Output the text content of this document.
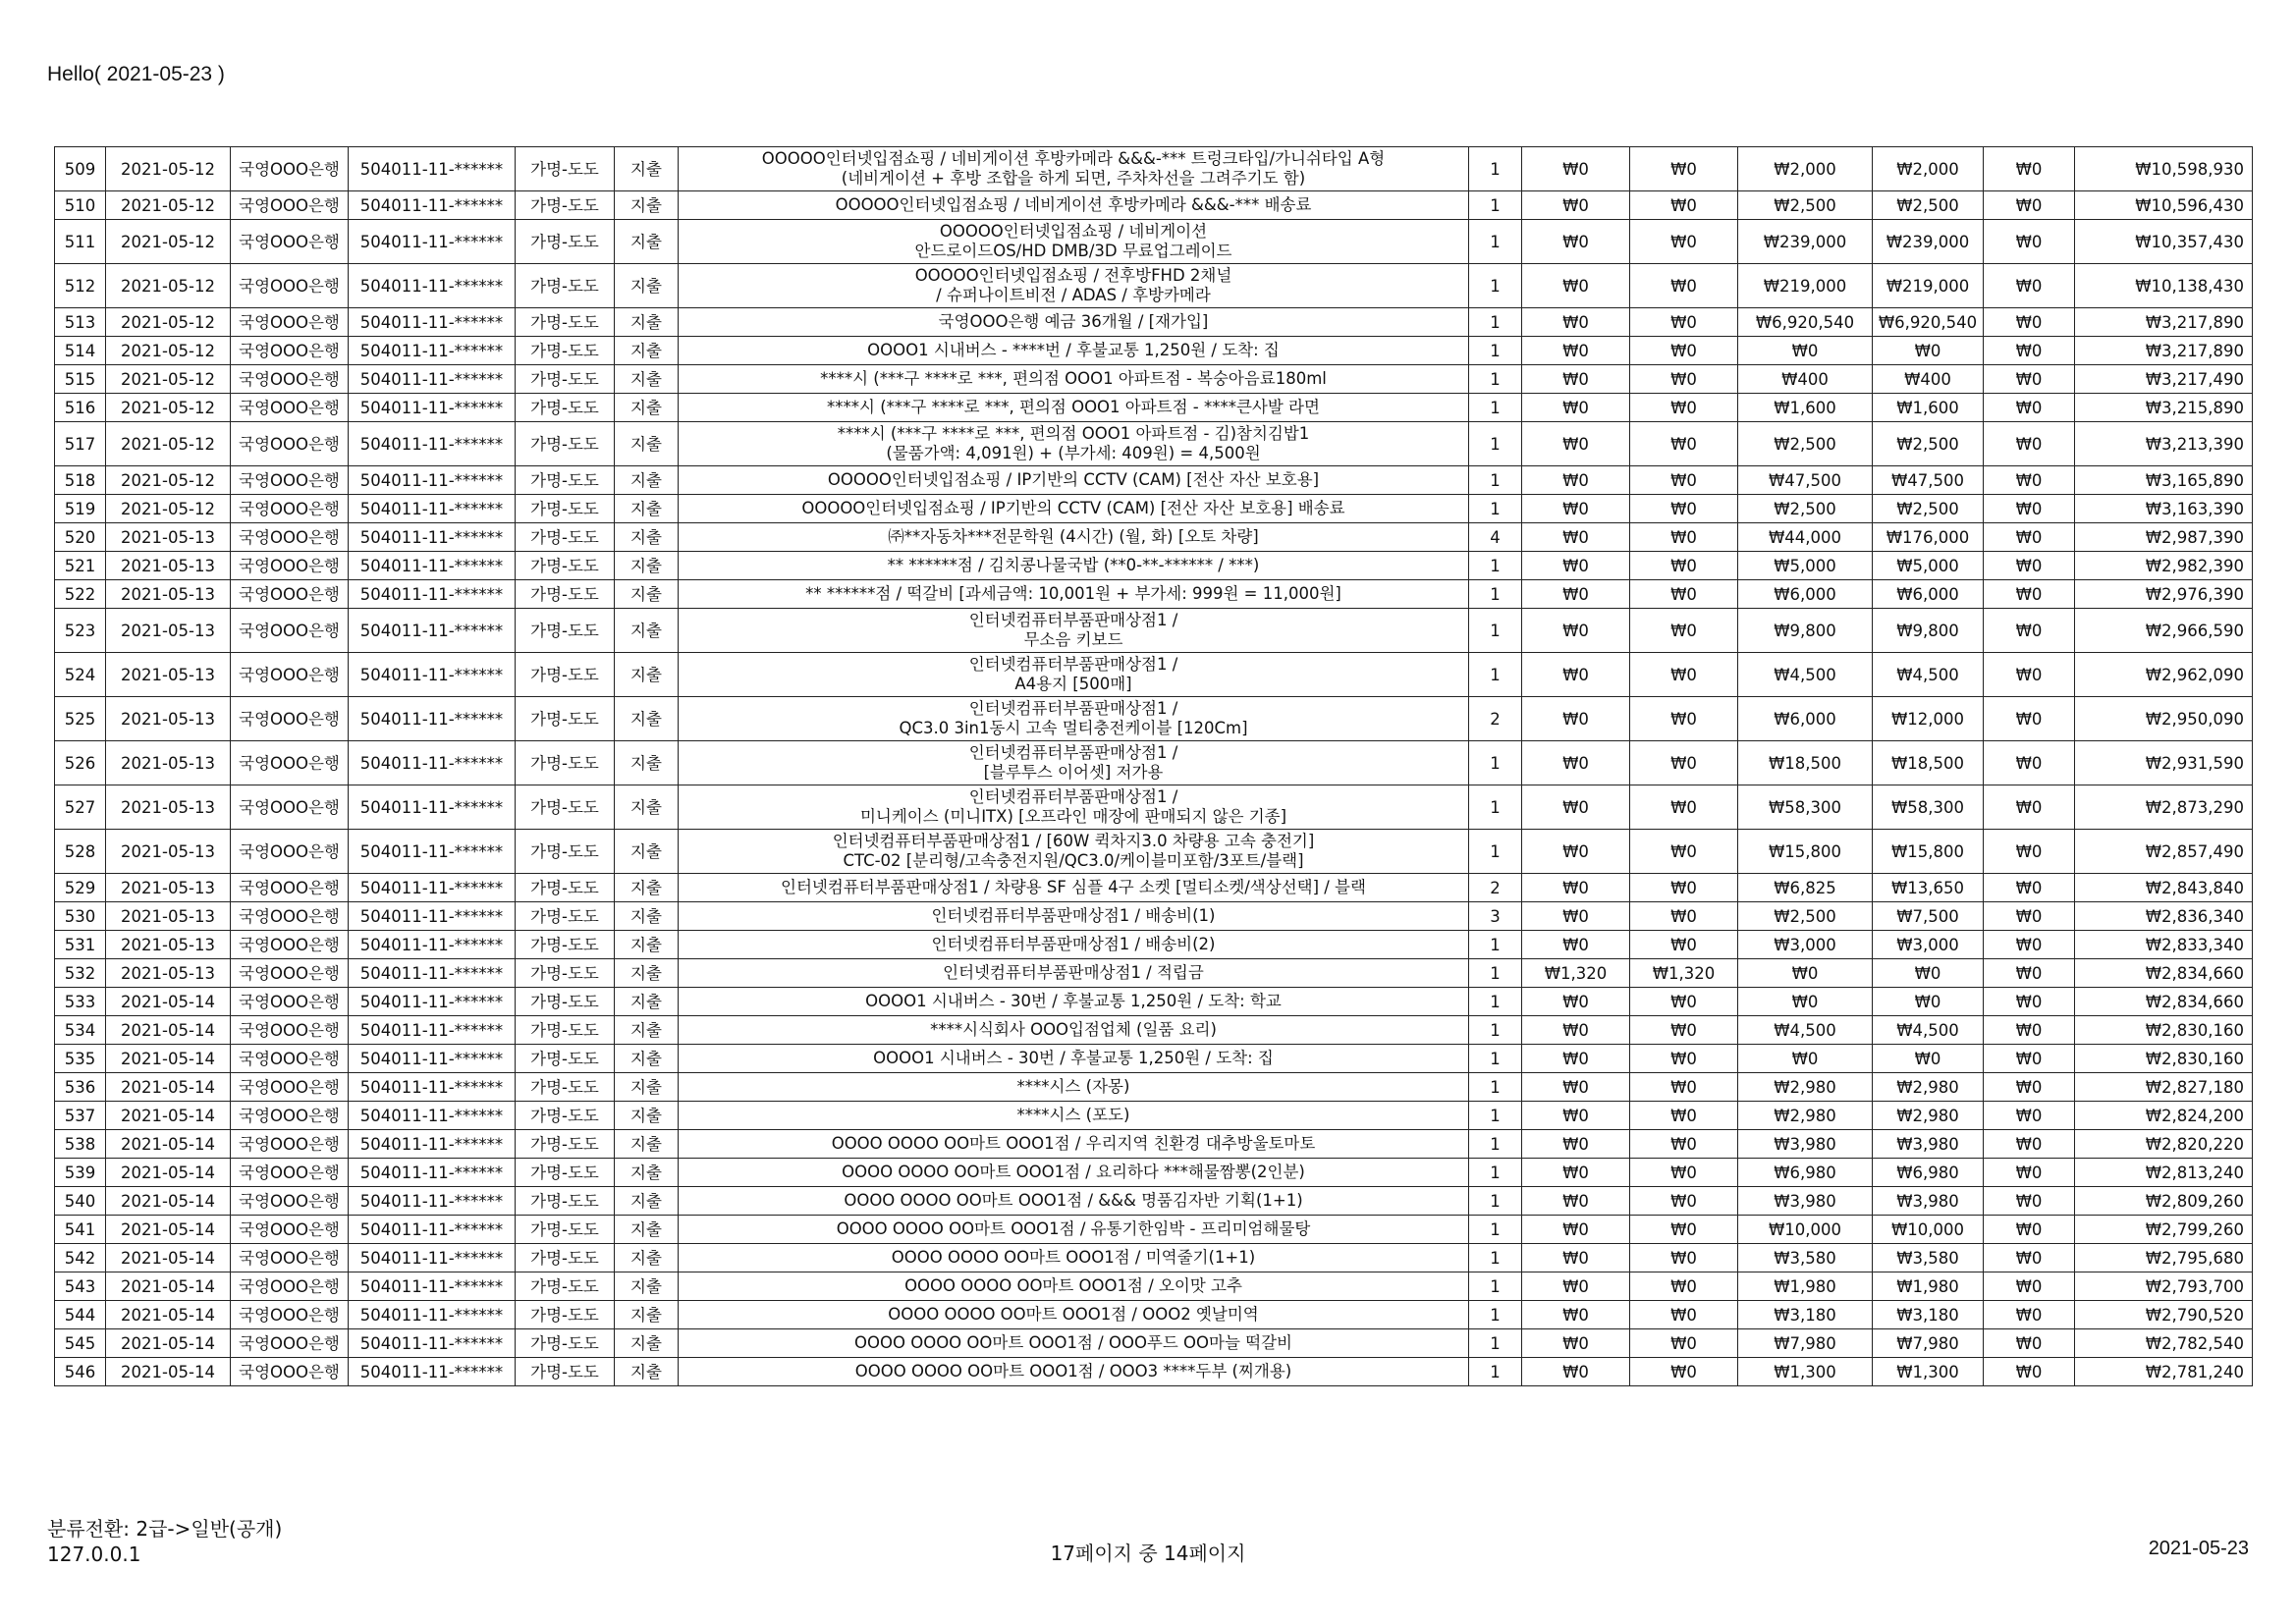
Hello( 2021-05-23 )
509	2021-05-12	국영OOO은행	504011-11-******	가명-도도	지출	OOOOO인터넷입점쇼핑 / 네비게이션 후방카메라 &&&-*** 트렁크타입/가니쉬타입 A형
(네비게이션 + 후방 조합을 하게 되면, 주차차선을 그려주기도 함)	1	₩0	₩0	₩2,000	₩2,000	₩0	₩10,598,930
510	2021-05-12	국영OOO은행	504011-11-******	가명-도도	지출	OOOOO인터넷입점쇼핑 / 네비게이션 후방카메라 &&&-*** 배송료	1	₩0	₩0	₩2,500	₩2,500	₩0	₩10,596,430
511	2021-05-12	국영OOO은행	504011-11-******	가명-도도	지출	OOOOO인터넷입점쇼핑 / 네비게이션
안드로이드OS/HD DMB/3D 무료업그레이드	1	₩0	₩0	₩239,000	₩239,000	₩0	₩10,357,430
512	2021-05-12	국영OOO은행	504011-11-******	가명-도도	지출	OOOOO인터넷입점쇼핑 / 전후방FHD 2채널
/ 슈퍼나이트비전 / ADAS / 후방카메라	1	₩0	₩0	₩219,000	₩219,000	₩0	₩10,138,430
513	2021-05-12	국영OOO은행	504011-11-******	가명-도도	지출	국영OOO은행 예금 36개월 / [재가입]	1	₩0	₩0	₩6,920,540	₩6,920,540	₩0	₩3,217,890
514	2021-05-12	국영OOO은행	504011-11-******	가명-도도	지출	OOOO1 시내버스 - ****번 / 후불교통 1,250원 / 도착: 집	1	₩0	₩0	₩0	₩0	₩0	₩3,217,890
515	2021-05-12	국영OOO은행	504011-11-******	가명-도도	지출	****시 (***구 ****로 ***, 편의점 OOO1 아파트점 - 복숭아음료180ml	1	₩0	₩0	₩400	₩400	₩0	₩3,217,490
516	2021-05-12	국영OOO은행	504011-11-******	가명-도도	지출	****시 (***구 ****로 ***, 편의점 OOO1 아파트점 - ****큰사발 라면	1	₩0	₩0	₩1,600	₩1,600	₩0	₩3,215,890
517	2021-05-12	국영OOO은행	504011-11-******	가명-도도	지출	****시 (***구 ****로 ***, 편의점 OOO1 아파트점 - 김)참치김밥1
(물품가액: 4,091원) + (부가세: 409원) = 4,500원	1	₩0	₩0	₩2,500	₩2,500	₩0	₩3,213,390
518	2021-05-12	국영OOO은행	504011-11-******	가명-도도	지출	OOOOO인터넷입점쇼핑 / IP기반의 CCTV (CAM) [전산 자산 보호용]	1	₩0	₩0	₩47,500	₩47,500	₩0	₩3,165,890
519	2021-05-12	국영OOO은행	504011-11-******	가명-도도	지출	OOOOO인터넷입점쇼핑 / IP기반의 CCTV (CAM) [전산 자산 보호용] 배송료	1	₩0	₩0	₩2,500	₩2,500	₩0	₩3,163,390
520	2021-05-13	국영OOO은행	504011-11-******	가명-도도	지출	㈜**자동차***전문학원 (4시간) (월, 화) [오토 차량]	4	₩0	₩0	₩44,000	₩176,000	₩0	₩2,987,390
521	2021-05-13	국영OOO은행	504011-11-******	가명-도도	지출	** ******점 / 김치콩나물국밥 (**0-**-****** / ***)	1	₩0	₩0	₩5,000	₩5,000	₩0	₩2,982,390
522	2021-05-13	국영OOO은행	504011-11-******	가명-도도	지출	** ******점 / 떡갈비 [과세금액: 10,001원 + 부가세: 999원 = 11,000원]	1	₩0	₩0	₩6,000	₩6,000	₩0	₩2,976,390
523	2021-05-13	국영OOO은행	504011-11-******	가명-도도	지출	인터넷컴퓨터부품판매상점1 /
무소음 키보드	1	₩0	₩0	₩9,800	₩9,800	₩0	₩2,966,590
524	2021-05-13	국영OOO은행	504011-11-******	가명-도도	지출	인터넷컴퓨터부품판매상점1 /
A4용지 [500매]	1	₩0	₩0	₩4,500	₩4,500	₩0	₩2,962,090
525	2021-05-13	국영OOO은행	504011-11-******	가명-도도	지출	인터넷컴퓨터부품판매상점1 /
QC3.0 3in1동시 고속 멀티충전케이블 [120Cm]	2	₩0	₩0	₩6,000	₩12,000	₩0	₩2,950,090
526	2021-05-13	국영OOO은행	504011-11-******	가명-도도	지출	인터넷컴퓨터부품판매상점1 /
[블루투스 이어셋] 저가용	1	₩0	₩0	₩18,500	₩18,500	₩0	₩2,931,590
527	2021-05-13	국영OOO은행	504011-11-******	가명-도도	지출	인터넷컴퓨터부품판매상점1 /
미니케이스 (미니ITX) [오프라인 매장에 판매되지 않은 기종]	1	₩0	₩0	₩58,300	₩58,300	₩0	₩2,873,290
528	2021-05-13	국영OOO은행	504011-11-******	가명-도도	지출	인터넷컴퓨터부품판매상점1 / [60W 퀵차지3.0 차량용 고속 충전기]
CTC-02 [분리형/고속충전지원/QC3.0/케이블미포함/3포트/블랙]	1	₩0	₩0	₩15,800	₩15,800	₩0	₩2,857,490
529	2021-05-13	국영OOO은행	504011-11-******	가명-도도	지출	인터넷컴퓨터부품판매상점1 / 차량용 SF 심플 4구 소켓 [멀티소켓/색상선택] / 블랙	2	₩0	₩0	₩6,825	₩13,650	₩0	₩2,843,840
530	2021-05-13	국영OOO은행	504011-11-******	가명-도도	지출	인터넷컴퓨터부품판매상점1 / 배송비(1)	3	₩0	₩0	₩2,500	₩7,500	₩0	₩2,836,340
531	2021-05-13	국영OOO은행	504011-11-******	가명-도도	지출	인터넷컴퓨터부품판매상점1 / 배송비(2)	1	₩0	₩0	₩3,000	₩3,000	₩0	₩2,833,340
532	2021-05-13	국영OOO은행	504011-11-******	가명-도도	지출	인터넷컴퓨터부품판매상점1 / 적립금	1	₩1,320	₩1,320	₩0	₩0	₩0	₩2,834,660
533	2021-05-14	국영OOO은행	504011-11-******	가명-도도	지출	OOOO1 시내버스 - 30번 / 후불교통 1,250원 / 도착: 학교	1	₩0	₩0	₩0	₩0	₩0	₩2,834,660
534	2021-05-14	국영OOO은행	504011-11-******	가명-도도	지출	****시식회사 OOO입점업체 (일품 요리)	1	₩0	₩0	₩4,500	₩4,500	₩0	₩2,830,160
535	2021-05-14	국영OOO은행	504011-11-******	가명-도도	지출	OOOO1 시내버스 - 30번 / 후불교통 1,250원 / 도착: 집	1	₩0	₩0	₩0	₩0	₩0	₩2,830,160
536	2021-05-14	국영OOO은행	504011-11-******	가명-도도	지출	****시스 (자몽)	1	₩0	₩0	₩2,980	₩2,980	₩0	₩2,827,180
537	2021-05-14	국영OOO은행	504011-11-******	가명-도도	지출	****시스 (포도)	1	₩0	₩0	₩2,980	₩2,980	₩0	₩2,824,200
538	2021-05-14	국영OOO은행	504011-11-******	가명-도도	지출	OOOO OOOO OO마트 OOO1점 / 우리지역 친환경 대추방울토마토	1	₩0	₩0	₩3,980	₩3,980	₩0	₩2,820,220
539	2021-05-14	국영OOO은행	504011-11-******	가명-도도	지출	OOOO OOOO OO마트 OOO1점 / 요리하다 ***해물짬뽕(2인분)	1	₩0	₩0	₩6,980	₩6,980	₩0	₩2,813,240
540	2021-05-14	국영OOO은행	504011-11-******	가명-도도	지출	OOOO OOOO OO마트 OOO1점 / &&& 명품김자반 기획(1+1)	1	₩0	₩0	₩3,980	₩3,980	₩0	₩2,809,260
541	2021-05-14	국영OOO은행	504011-11-******	가명-도도	지출	OOOO OOOO OO마트 OOO1점 / 유통기한임박 - 프리미엄해물탕	1	₩0	₩0	₩10,000	₩10,000	₩0	₩2,799,260
542	2021-05-14	국영OOO은행	504011-11-******	가명-도도	지출	OOOO OOOO OO마트 OOO1점 / 미역줄기(1+1)	1	₩0	₩0	₩3,580	₩3,580	₩0	₩2,795,680
543	2021-05-14	국영OOO은행	504011-11-******	가명-도도	지출	OOOO OOOO OO마트 OOO1점 / 오이맛 고추	1	₩0	₩0	₩1,980	₩1,980	₩0	₩2,793,700
544	2021-05-14	국영OOO은행	504011-11-******	가명-도도	지출	OOOO OOOO OO마트 OOO1점 / OOO2 옛날미역	1	₩0	₩0	₩3,180	₩3,180	₩0	₩2,790,520
545	2021-05-14	국영OOO은행	504011-11-******	가명-도도	지출	OOOO OOOO OO마트 OOO1점 / OOO푸드 OO마늘 떡갈비	1	₩0	₩0	₩7,980	₩7,980	₩0	₩2,782,540
546	2021-05-14	국영OOO은행	504011-11-******	가명-도도	지출	OOOO OOOO OO마트 OOO1점 / OOO3 ****두부 (찌개용)	1	₩0	₩0	₩1,300	₩1,300	₩0	₩2,781,240
분류전환: 2급->일반(공개)
127.0.0.1	17페이지 중 14페이지	2021-05-23
